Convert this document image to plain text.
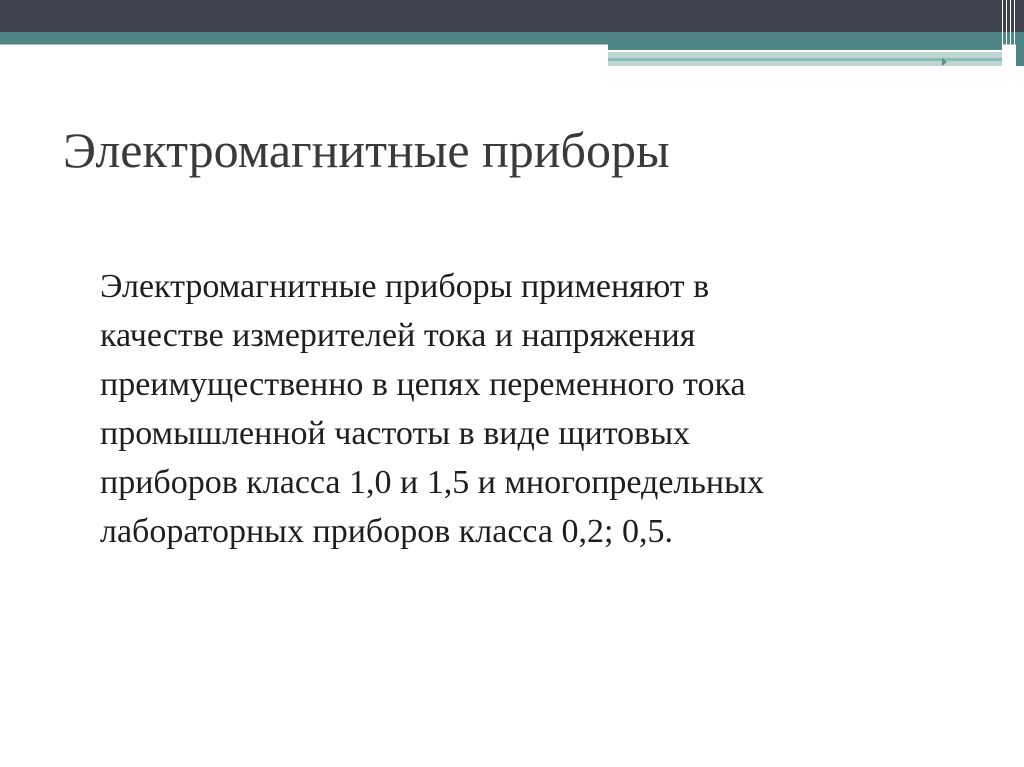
Электромагнитные приборы
Электромагнитные приборы применяют в
качестве измерителей тока и напряжения
преимущественно в цепях переменного тока
промышленной частоты в виде щитовых
приборов класса 1,0 и 1,5 и многопредельных
лабораторных приборов класса 0,2; 0,5.
